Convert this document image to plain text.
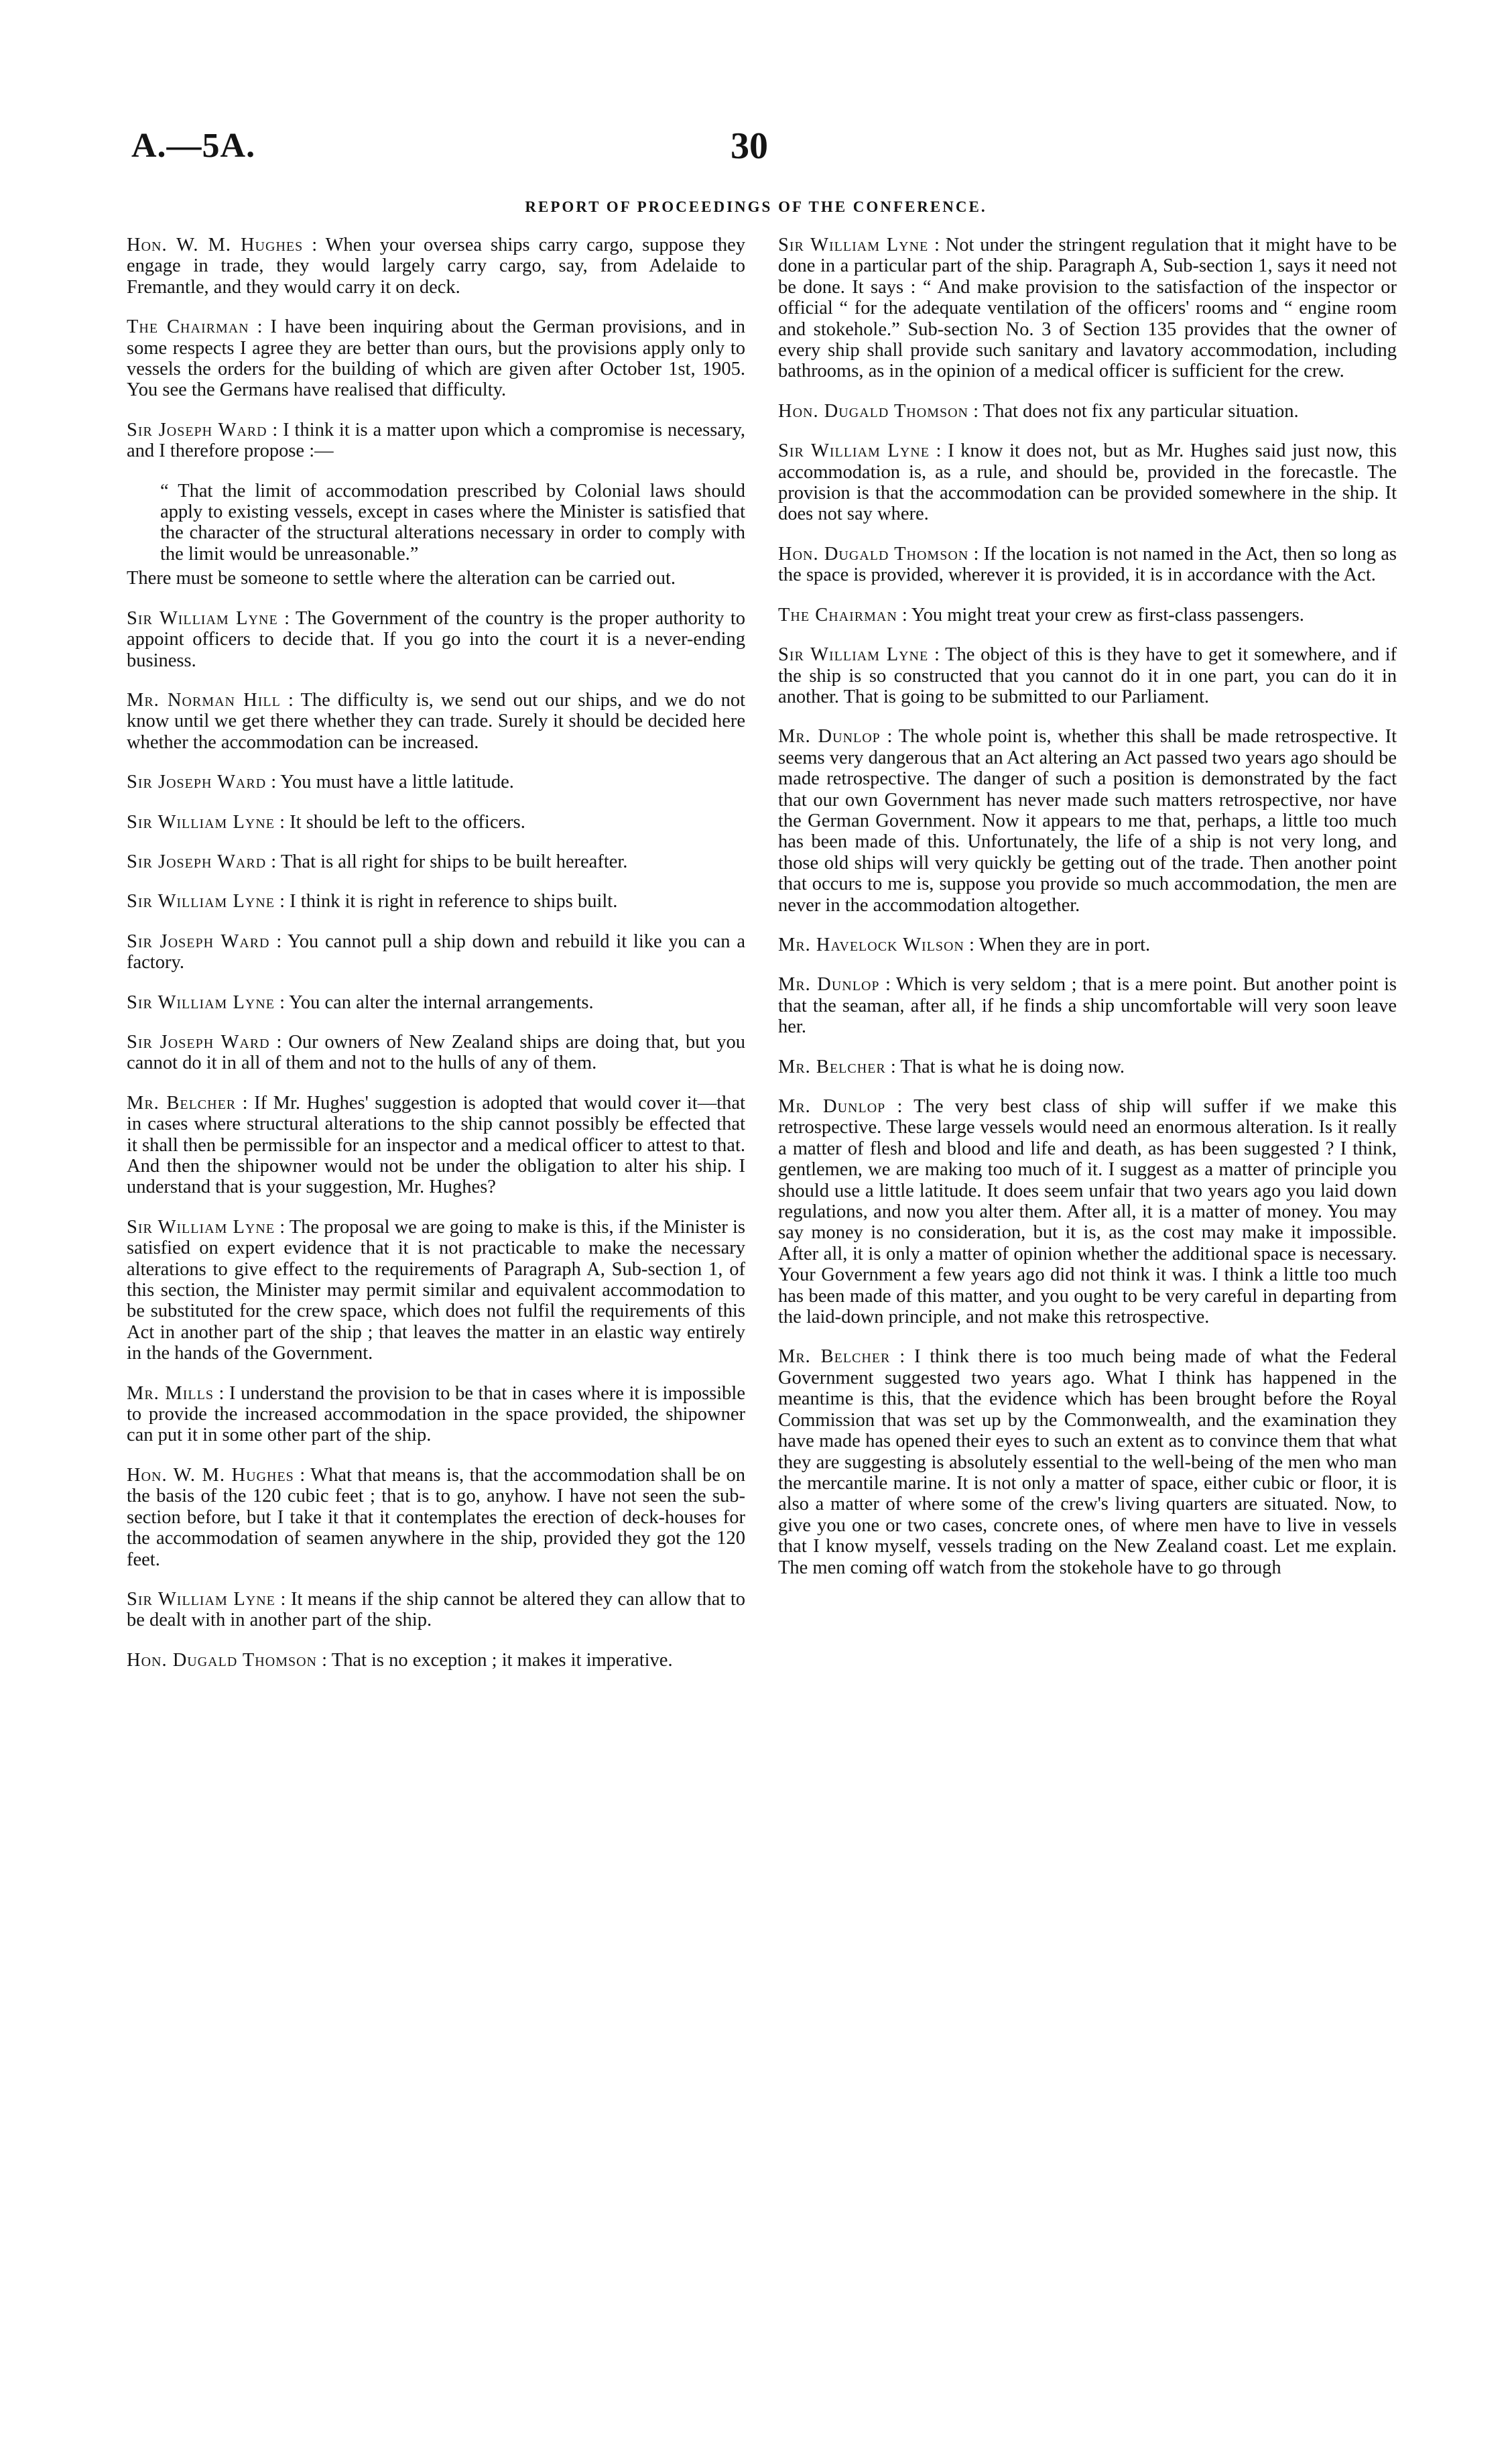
A.—5A.	30
REPORT OF PROCEEDINGS OF THE CONFERENCE.

Hon. W. M. Hughes : When your oversea ships carry cargo, suppose they engage in trade, they would largely carry cargo, say, from Adelaide to Fremantle, and they would carry it on deck.

The Chairman : I have been inquiring about the German provisions, and in some respects I agree they are better than ours, but the provisions apply only to vessels the orders for the building of which are given after October 1st, 1905. You see the Germans have realised that difficulty.

Sir Joseph Ward : I think it is a matter upon which a compromise is necessary, and I therefore propose :—

“ That the limit of accommodation prescribed by Colonial laws should apply to existing vessels, except in cases where the Minister is satisfied that the character of the structural alterations necessary in order to comply with the limit would be unreasonable.”

There must be someone to settle where the alteration can be carried out.

Sir William Lyne : The Government of the country is the proper authority to appoint officers to decide that. If you go into the court it is a never-ending business.

Mr. Norman Hill : The difficulty is, we send out our ships, and we do not know until we get there whether they can trade. Surely it should be decided here whether the accommodation can be increased.

Sir Joseph Ward : You must have a little latitude.

Sir William Lyne : It should be left to the officers.

Sir Joseph Ward : That is all right for ships to be built hereafter.

Sir William Lyne : I think it is right in reference to ships built.

Sir Joseph Ward : You cannot pull a ship down and rebuild it like you can a factory.

Sir William Lyne : You can alter the internal arrangements.

Sir Joseph Ward : Our owners of New Zealand ships are doing that, but you cannot do it in all of them and not to the hulls of any of them.

Mr. Belcher : If Mr. Hughes' suggestion is adopted that would cover it—that in cases where structural alterations to the ship cannot possibly be effected that it shall then be permissible for an inspector and a medical officer to attest to that. And then the shipowner would not be under the obligation to alter his ship. I understand that is your suggestion, Mr. Hughes?

Sir William Lyne : The proposal we are going to make is this, if the Minister is satisfied on expert evidence that it is not practicable to make the necessary alterations to give effect to the requirements of Paragraph A, Sub-section 1, of this section, the Minister may permit similar and equivalent accommodation to be substituted for the crew space, which does not fulfil the requirements of this Act in another part of the ship ; that leaves the matter in an elastic way entirely in the hands of the Government.

Mr. Mills : I understand the provision to be that in cases where it is impossible to provide the increased accommodation in the space provided, the shipowner can put it in some other part of the ship.

Hon. W. M. Hughes : What that means is, that the accommodation shall be on the basis of the 120 cubic feet ; that is to go, anyhow. I have not seen the sub-section before, but I take it that it contemplates the erection of deck-houses for the accommodation of seamen anywhere in the ship, provided they got the 120 feet.

Sir William Lyne : It means if the ship cannot be altered they can allow that to be dealt with in another part of the ship.

Hon. Dugald Thomson : That is no exception ; it makes it imperative.

Sir William Lyne : Not under the stringent regulation that it might have to be done in a particular part of the ship. Paragraph A, Sub-section 1, says it need not be done. It says : “ And make provision to the satisfaction of the inspector or official “ for the adequate ventilation of the officers' rooms and “ engine room and stokehole.” Sub-section No. 3 of Section 135 provides that the owner of every ship shall provide such sanitary and lavatory accommodation, including bathrooms, as in the opinion of a medical officer is sufficient for the crew.

Hon. Dugald Thomson : That does not fix any particular situation.

Sir William Lyne : I know it does not, but as Mr. Hughes said just now, this accommodation is, as a rule, and should be, provided in the forecastle. The provision is that the accommodation can be provided somewhere in the ship. It does not say where.

Hon. Dugald Thomson : If the location is not named in the Act, then so long as the space is provided, wherever it is provided, it is in accordance with the Act.

The Chairman : You might treat your crew as first-class passengers.

Sir William Lyne : The object of this is they have to get it somewhere, and if the ship is so constructed that you cannot do it in one part, you can do it in another. That is going to be submitted to our Parliament.

Mr. Dunlop : The whole point is, whether this shall be made retrospective. It seems very dangerous that an Act altering an Act passed two years ago should be made retrospective. The danger of such a position is demonstrated by the fact that our own Government has never made such matters retrospective, nor have the German Government. Now it appears to me that, perhaps, a little too much has been made of this. Unfortunately, the life of a ship is not very long, and those old ships will very quickly be getting out of the trade. Then another point that occurs to me is, suppose you provide so much accommodation, the men are never in the accommodation altogether.

Mr. Havelock Wilson : When they are in port.

Mr. Dunlop : Which is very seldom ; that is a mere point. But another point is that the seaman, after all, if he finds a ship uncomfortable will very soon leave her.

Mr. Belcher : That is what he is doing now.

Mr. Dunlop : The very best class of ship will suffer if we make this retrospective. These large vessels would need an enormous alteration. Is it really a matter of flesh and blood and life and death, as has been suggested ? I think, gentlemen, we are making too much of it. I suggest as a matter of principle you should use a little latitude. It does seem unfair that two years ago you laid down regulations, and now you alter them. After all, it is a matter of money. You may say money is no consideration, but it is, as the cost may make it impossible. After all, it is only a matter of opinion whether the additional space is necessary. Your Government a few years ago did not think it was. I think a little too much has been made of this matter, and you ought to be very careful in departing from the laid-down principle, and not make this retrospective.

Mr. Belcher : I think there is too much being made of what the Federal Government suggested two years ago. What I think has happened in the meantime is this, that the evidence which has been brought before the Royal Commission that was set up by the Commonwealth, and the examination they have made has opened their eyes to such an extent as to convince them that what they are suggesting is absolutely essential to the well-being of the men who man the mercantile marine. It is not only a matter of space, either cubic or floor, it is also a matter of where some of the crew's living quarters are situated. Now, to give you one or two cases, concrete ones, of where men have to live in vessels that I know myself, vessels trading on the New Zealand coast. Let me explain. The men coming off watch from the stokehole have to go through
